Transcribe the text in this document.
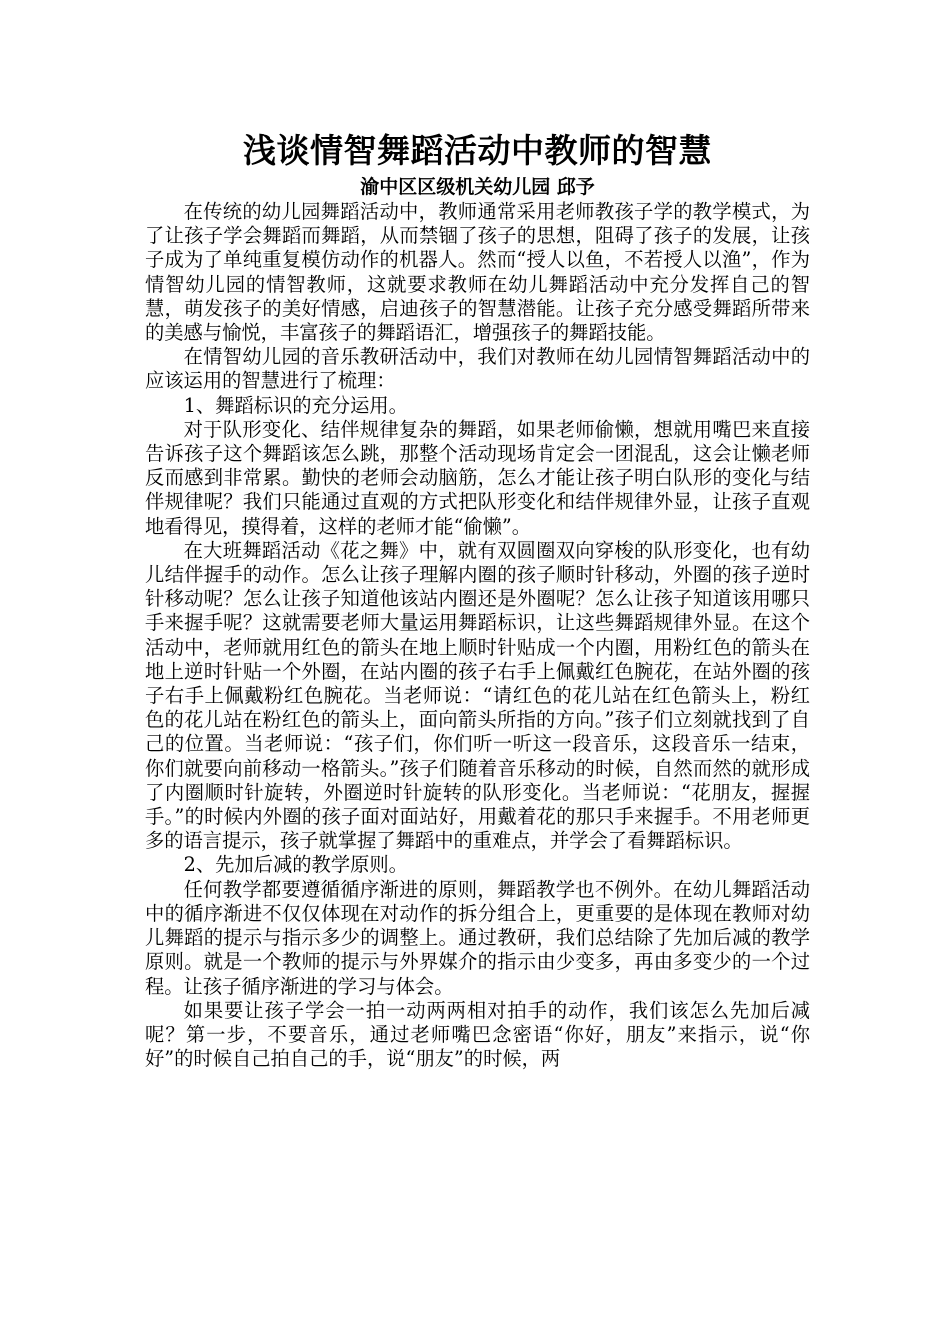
浅谈情智舞蹈活动中教师的智慧

渝中区区级机关幼儿园 邱予

在传统的幼儿园舞蹈活动中，教师通常采用老师教孩子学的教学模式，为了让孩子学会舞蹈而舞蹈，从而禁锢了孩子的思想，阻碍了孩子的发展，让孩子成为了单纯重复模仿动作的机器人。然而“授人以鱼，不若授人以渔”，作为情智幼儿园的情智教师，这就要求教师在幼儿舞蹈活动中充分发挥自己的智慧，萌发孩子的美好情感，启迪孩子的智慧潜能。让孩子充分感受舞蹈所带来的美感与愉悦，丰富孩子的舞蹈语汇，增强孩子的舞蹈技能。

在情智幼儿园的音乐教研活动中，我们对教师在幼儿园情智舞蹈活动中的应该运用的智慧进行了梳理：

1、舞蹈标识的充分运用。

对于队形变化、结伴规律复杂的舞蹈，如果老师偷懒，想就用嘴巴来直接告诉孩子这个舞蹈该怎么跳，那整个活动现场肯定会一团混乱，这会让懒老师反而感到非常累。勤快的老师会动脑筋，怎么才能让孩子明白队形的变化与结伴规律呢？我们只能通过直观的方式把队形变化和结伴规律外显，让孩子直观地看得见，摸得着，这样的老师才能“偷懒”。

在大班舞蹈活动《花之舞》中，就有双圆圈双向穿梭的队形变化，也有幼儿结伴握手的动作。怎么让孩子理解内圈的孩子顺时针移动，外圈的孩子逆时针移动呢？怎么让孩子知道他该站内圈还是外圈呢？怎么让孩子知道该用哪只手来握手呢？这就需要老师大量运用舞蹈标识，让这些舞蹈规律外显。在这个活动中，老师就用红色的箭头在地上顺时针贴成一个内圈，用粉红色的箭头在地上逆时针贴一个外圈，在站内圈的孩子右手上佩戴红色腕花，在站外圈的孩子右手上佩戴粉红色腕花。当老师说：“请红色的花儿站在红色箭头上，粉红色的花儿站在粉红色的箭头上，面向箭头所指的方向。”孩子们立刻就找到了自己的位置。当老师说：“孩子们，你们听一听这一段音乐，这段音乐一结束，你们就要向前移动一格箭头。”孩子们随着音乐移动的时候，自然而然的就形成了内圈顺时针旋转，外圈逆时针旋转的队形变化。当老师说：“花朋友，握握手。”的时候内外圈的孩子面对面站好，用戴着花的那只手来握手。不用老师更多的语言提示，孩子就掌握了舞蹈中的重难点，并学会了看舞蹈标识。

2、先加后减的教学原则。

任何教学都要遵循循序渐进的原则，舞蹈教学也不例外。在幼儿舞蹈活动中的循序渐进不仅仅体现在对动作的拆分组合上，更重要的是体现在教师对幼儿舞蹈的提示与指示多少的调整上。通过教研，我们总结除了先加后减的教学原则。就是一个教师的提示与外界媒介的指示由少变多，再由多变少的一个过程。让孩子循序渐进的学习与体会。

如果要让孩子学会一拍一动两两相对拍手的动作，我们该怎么先加后减呢？第一步，不要音乐，通过老师嘴巴念密语“你好，朋友”来指示，说“你好”的时候自己拍自己的手，说“朋友”的时候，两
